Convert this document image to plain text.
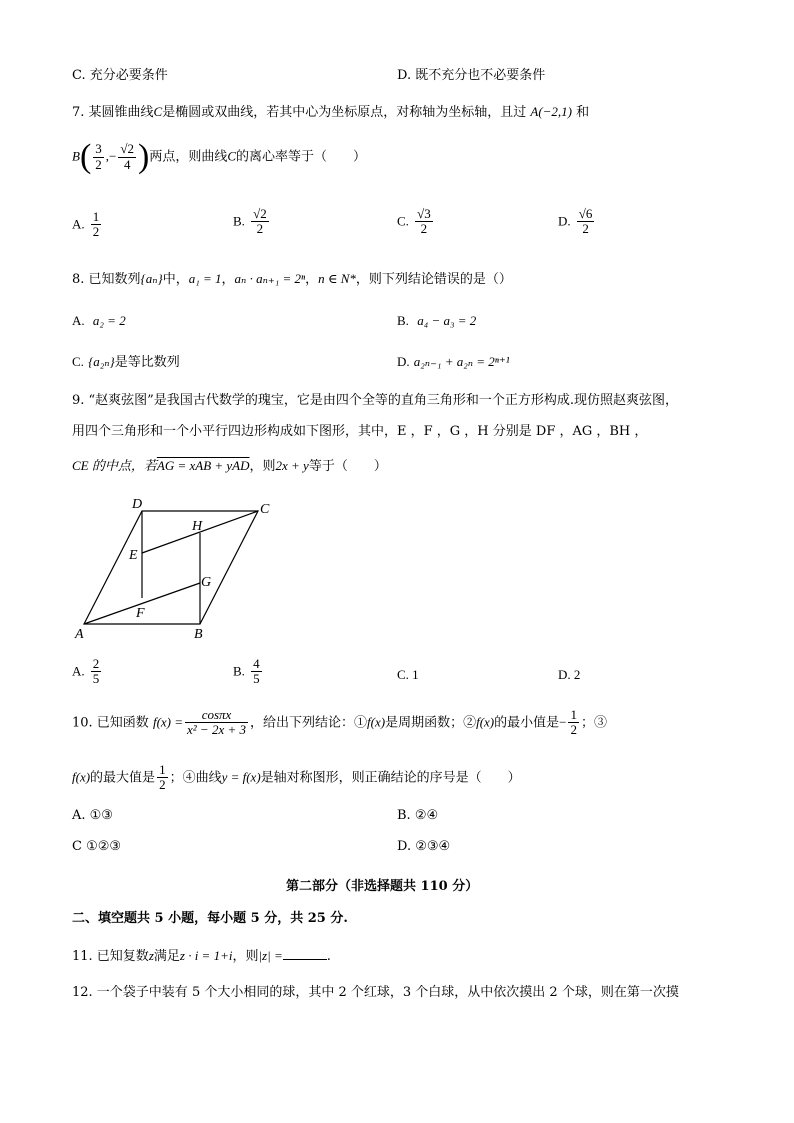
C. 充分必要条件	D. 既不充分也不必要条件
7. 某圆锥曲线C是椭圆或双曲线，若其中心为坐标原点，对称轴为坐标轴，且过 A(−2,1) 和
$B( \frac{3}{2}$ ,− $\frac{√2}{4}$ )两点，则曲线C的离心率等于（　　）
A. $\frac{1}{2}$	B. $\frac{√2}{2}$	C. $\frac{√3}{2}$	D. $\frac{√6}{2}$
8. 已知数列{aₙ}中，a₁ = 1，aₙ · aₙ₊₁ = 2ⁿ，n ∈ N*，则下列结论错误的是（）
A. a₂ = 2	B. a₄ − a₃ = 2
C. {a₂ₙ}是等比数列	D. a₂ₙ₋₁ + a₂ₙ = 2ⁿ⁺¹
9. “赵爽弦图”是我国古代数学的瑰宝，它是由四个全等的直角三角形和一个正方形构成.现仿照赵爽弦图，
用四个三角形和一个小平行四边形构成如下图形，其中，E ，F ，G ，H 分别是 DF ，AG ，BH ，
CE 的中点，若AG = xAB + yAD，则2x + y等于（　　）
D	C
H
E
G
F
A	B
A. $\frac{2}{5}$	B. $\frac{4}{5}$	C. 1	D. 2
10. 已知函数 $f(x) = \frac{\cos\pi x}{\text{x² − 2x + 3}}$ ，给出下列结论：①f(x)是周期函数；②f(x)的最小值是− $\frac{1}{2}$ ；③
f(x)的最大值是 $\frac{1}{2}$ ；④曲线y = f(x)是轴对称图形，则正确结论的序号是（　　）
A. ①③	B. ②④
C ①②③	D. ②③④
第二部分（非选择题共 110 分）
二、填空题共 5 小题，每小题 5 分，共 25 分.
11. 已知复数z满足z · i = 1+i，则|z| =	.
12. 一个袋子中装有 5 个大小相同的球，其中 2 个红球，3 个白球，从中依次摸出 2 个球，则在第一次摸
